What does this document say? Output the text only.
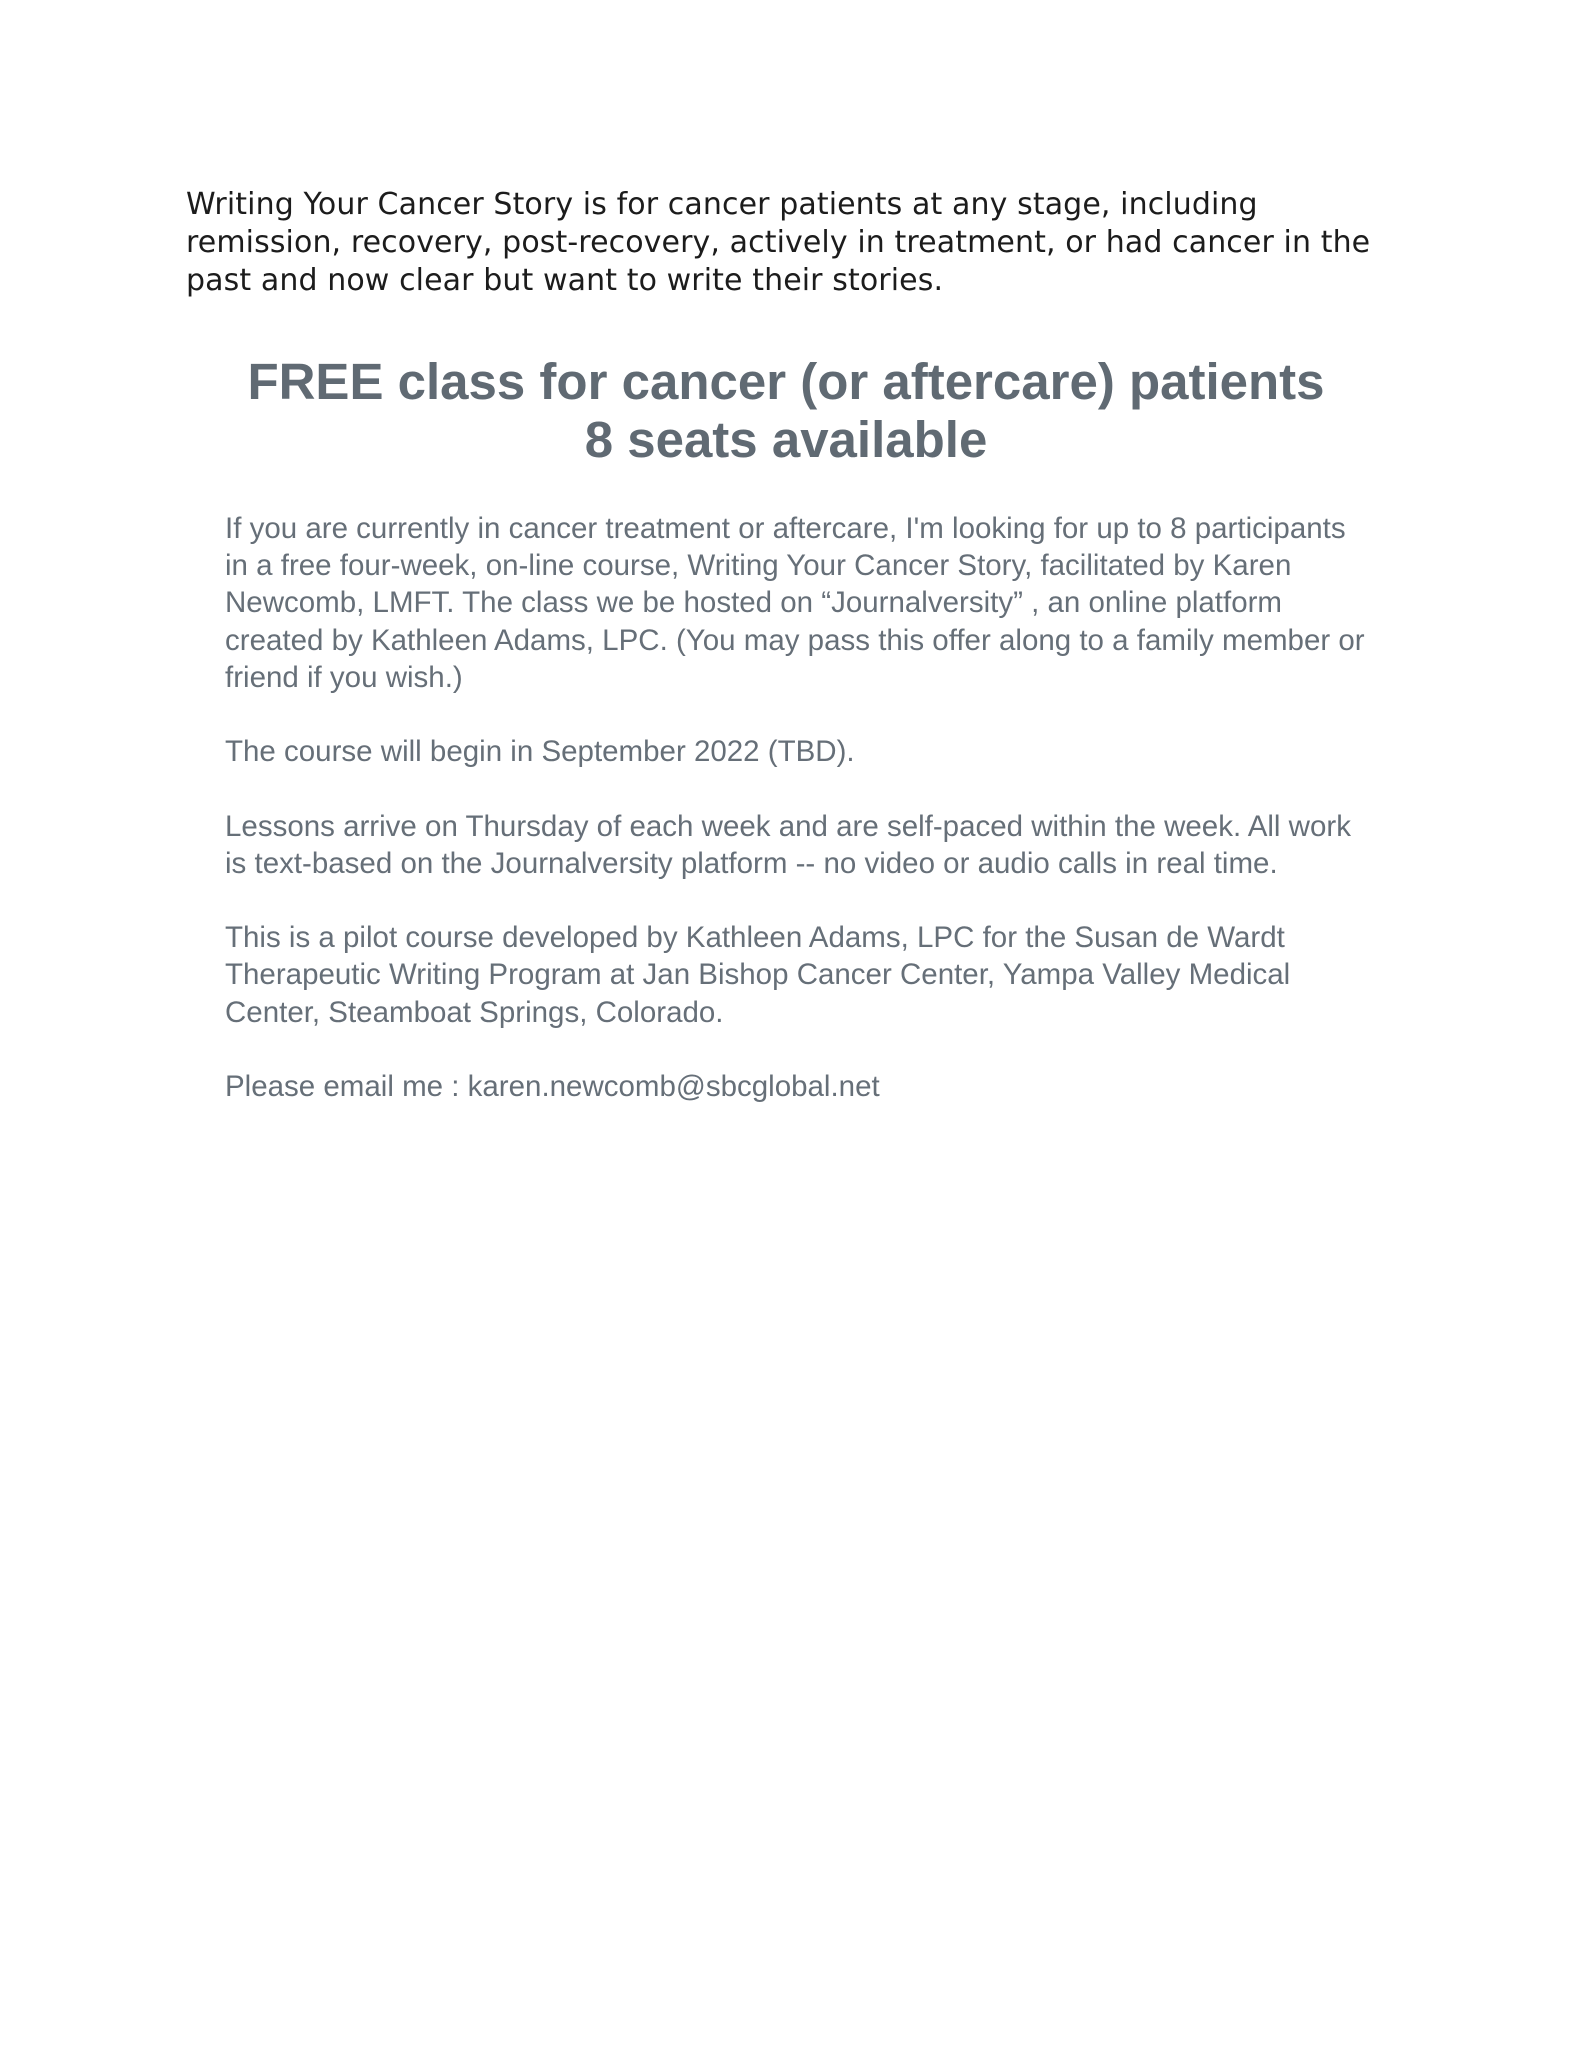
Writing Your Cancer Story is for cancer patients at any stage, including remission, recovery, post-recovery, actively in treatment, or had cancer in the past and now clear but want to write their stories.

FREE class for cancer (or aftercare) patients
8 seats available

If you are currently in cancer treatment or aftercare, I'm looking for up to 8 participants in a free four-week, on-line course, Writing Your Cancer Story, facilitated by Karen Newcomb, LMFT. The class we be hosted on “Journalversity” , an online platform created by Kathleen Adams, LPC. (You may pass this offer along to a family member or friend if you wish.)

The course will begin in September 2022 (TBD).

Lessons arrive on Thursday of each week and are self-paced within the week. All work is text-based on the Journalversity platform -- no video or audio calls in real time.

This is a pilot course developed by Kathleen Adams, LPC for the Susan de Wardt Therapeutic Writing Program at Jan Bishop Cancer Center, Yampa Valley Medical Center, Steamboat Springs, Colorado.

Please email me : karen.newcomb@sbcglobal.net
